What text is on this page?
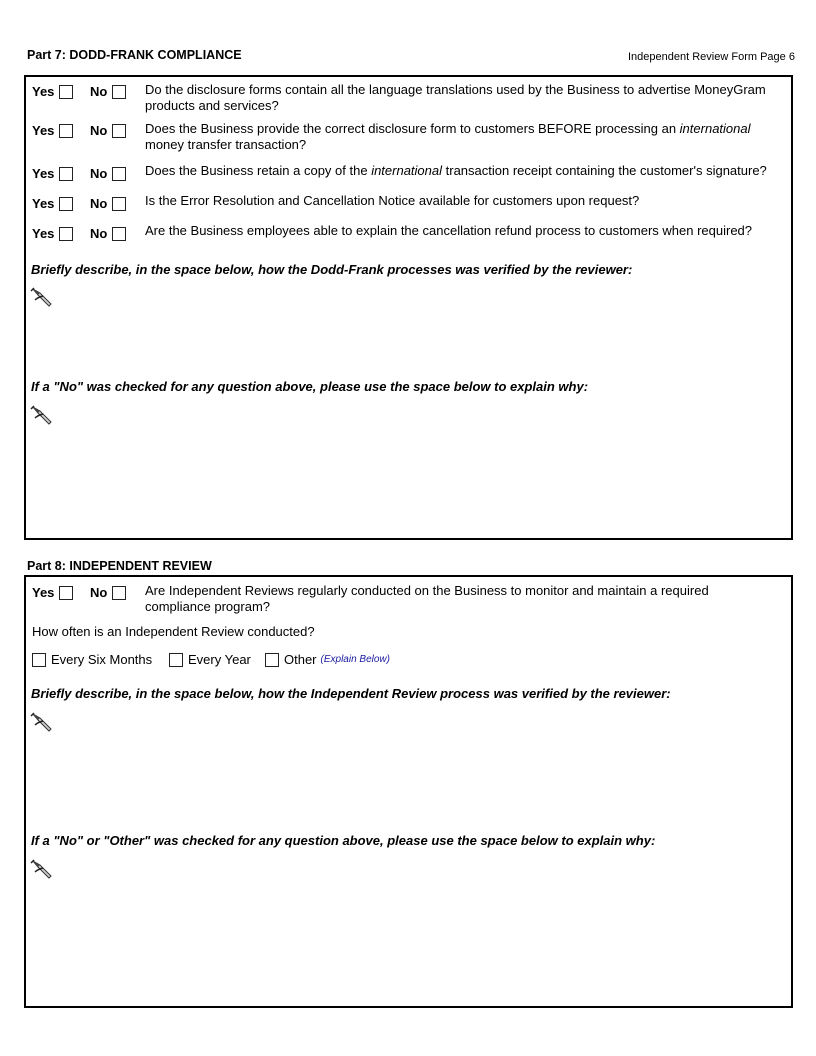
Part 7: DODD-FRANK COMPLIANCE	Independent Review Form Page 6
Yes	No	Do the disclosure forms contain all the language translations used by the Business to advertise MoneyGram products and services?
Yes	No	Does the Business provide the correct disclosure form to customers BEFORE processing an international money transfer transaction?
Yes	No	Does the Business retain a copy of the international transaction receipt containing the customer's signature?
Yes	No	Is the Error Resolution and Cancellation Notice available for customers upon request?
Yes	No	Are the Business employees able to explain the cancellation refund process to customers when required?
Briefly describe, in the space below, how the Dodd-Frank processes was verified by the reviewer:
If a "No" was checked for any question above, please use the space below to explain why:
Part 8: INDEPENDENT REVIEW
Yes	No	Are Independent Reviews regularly conducted on the Business to monitor and maintain a required compliance program?
How often is an Independent Review conducted?
Every Six Months	Every Year	Other (Explain Below)
Briefly describe, in the space below, how the Independent Review process was verified by the reviewer:
If a "No" or "Other" was checked for any question above, please use the space below to explain why:
